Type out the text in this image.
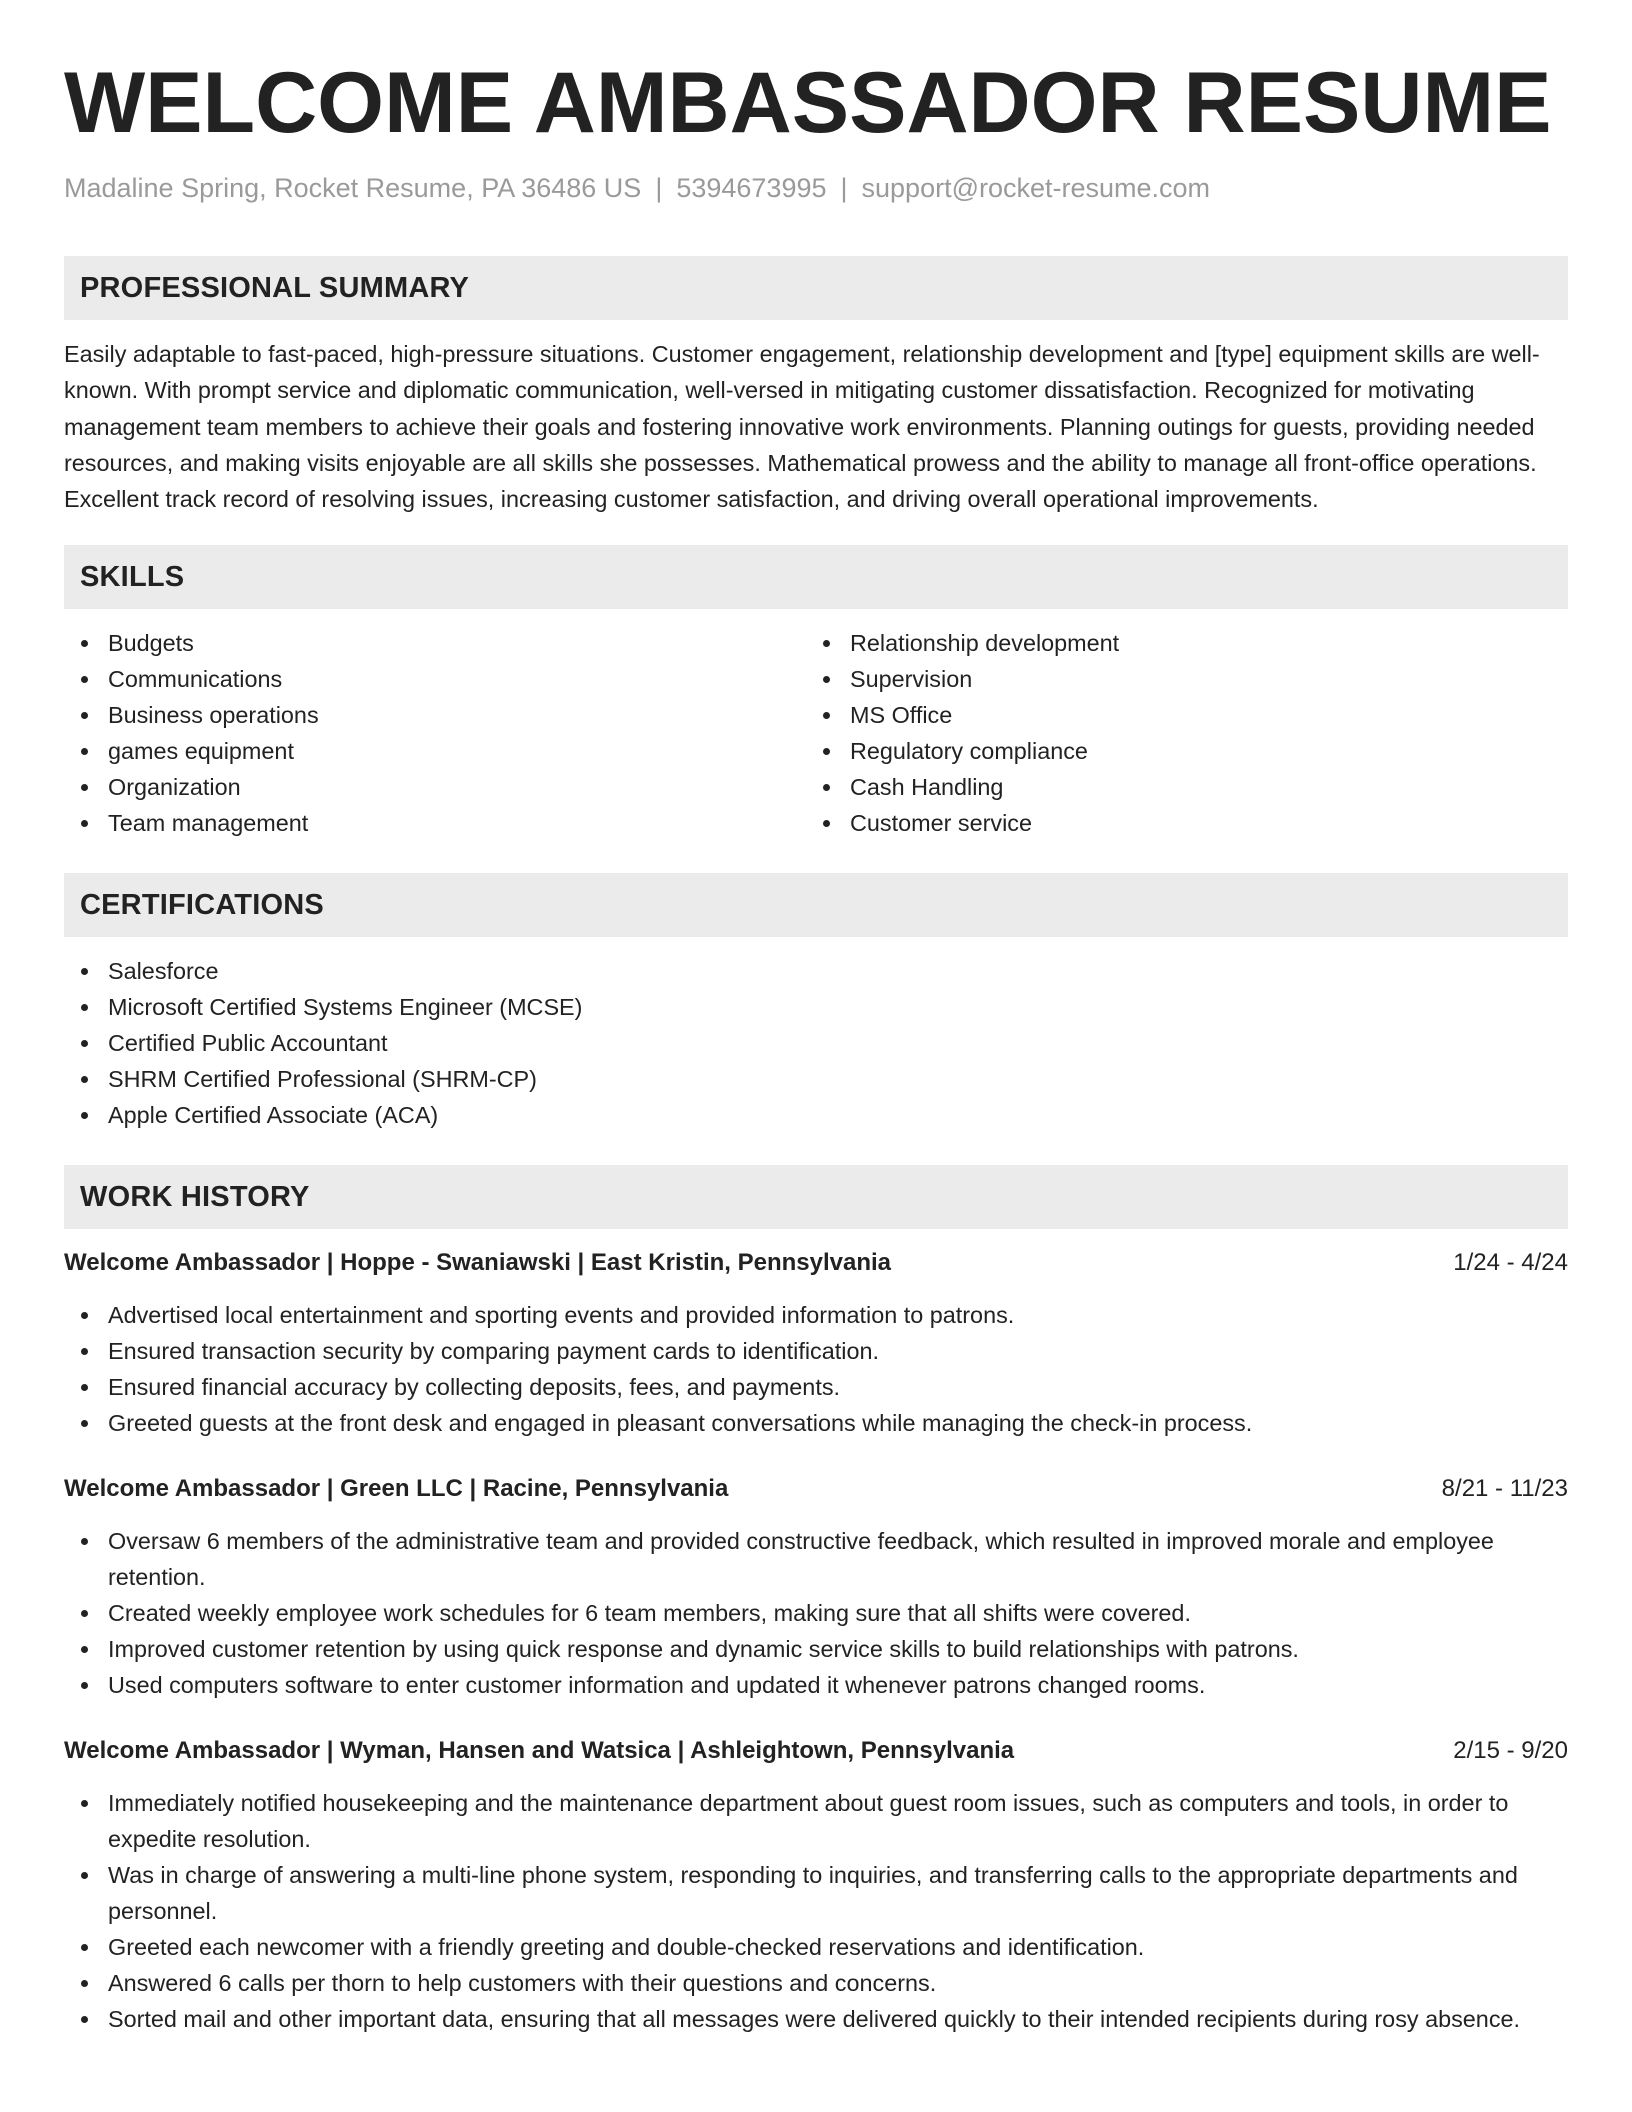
WELCOME AMBASSADOR RESUME
Madaline Spring, Rocket Resume, PA 36486 US | 5394673995 | support@rocket-resume.com
PROFESSIONAL SUMMARY
Easily adaptable to fast-paced, high-pressure situations. Customer engagement, relationship development and [type] equipment skills are well-known. With prompt service and diplomatic communication, well-versed in mitigating customer dissatisfaction. Recognized for motivating management team members to achieve their goals and fostering innovative work environments. Planning outings for guests, providing needed resources, and making visits enjoyable are all skills she possesses. Mathematical prowess and the ability to manage all front-office operations. Excellent track record of resolving issues, increasing customer satisfaction, and driving overall operational improvements.
SKILLS
Budgets
Communications
Business operations
games equipment
Organization
Team management
Relationship development
Supervision
MS Office
Regulatory compliance
Cash Handling
Customer service
CERTIFICATIONS
Salesforce
Microsoft Certified Systems Engineer (MCSE)
Certified Public Accountant
SHRM Certified Professional (SHRM-CP)
Apple Certified Associate (ACA)
WORK HISTORY
Welcome Ambassador | Hoppe - Swaniawski | East Kristin, Pennsylvania	1/24 - 4/24
Advertised local entertainment and sporting events and provided information to patrons.
Ensured transaction security by comparing payment cards to identification.
Ensured financial accuracy by collecting deposits, fees, and payments.
Greeted guests at the front desk and engaged in pleasant conversations while managing the check-in process.
Welcome Ambassador | Green LLC | Racine, Pennsylvania	8/21 - 11/23
Oversaw 6 members of the administrative team and provided constructive feedback, which resulted in improved morale and employee retention.
Created weekly employee work schedules for 6 team members, making sure that all shifts were covered.
Improved customer retention by using quick response and dynamic service skills to build relationships with patrons.
Used computers software to enter customer information and updated it whenever patrons changed rooms.
Welcome Ambassador | Wyman, Hansen and Watsica | Ashleightown, Pennsylvania	2/15 - 9/20
Immediately notified housekeeping and the maintenance department about guest room issues, such as computers and tools, in order to expedite resolution.
Was in charge of answering a multi-line phone system, responding to inquiries, and transferring calls to the appropriate departments and personnel.
Greeted each newcomer with a friendly greeting and double-checked reservations and identification.
Answered 6 calls per thorn to help customers with their questions and concerns.
Sorted mail and other important data, ensuring that all messages were delivered quickly to their intended recipients during rosy absence.
